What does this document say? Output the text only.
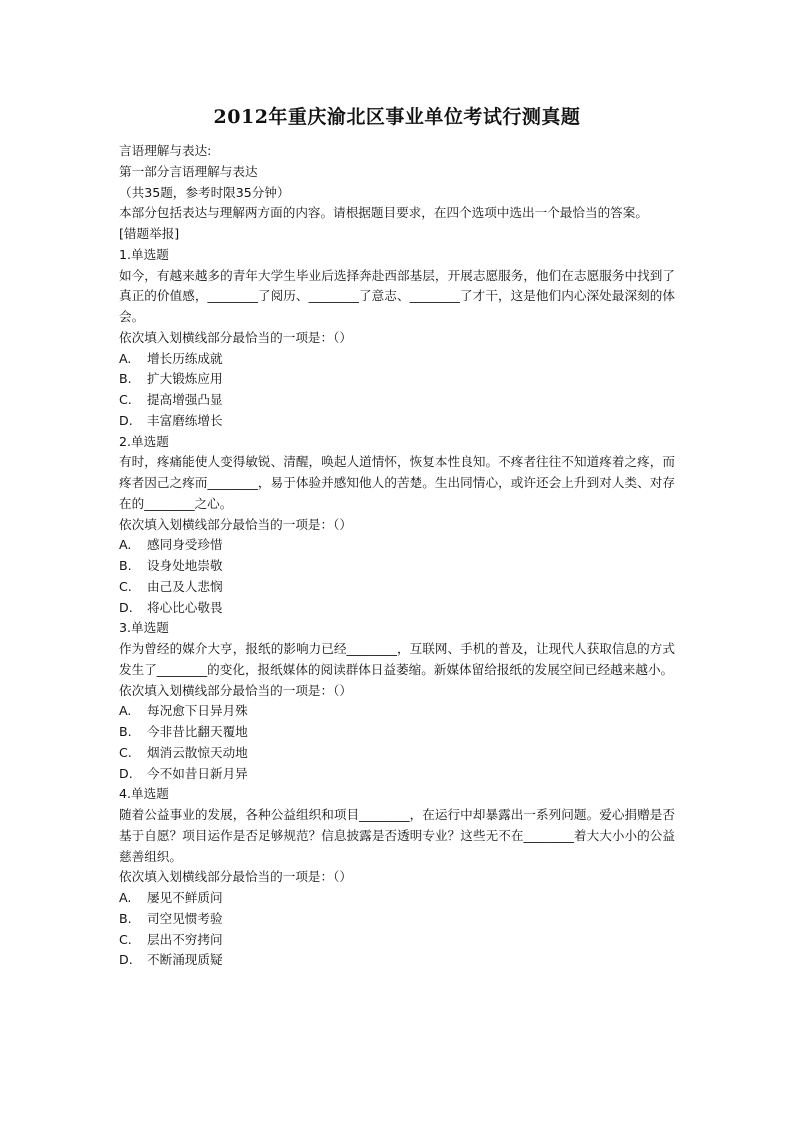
2012年重庆渝北区事业单位考试行测真题

言语理解与表达:

第一部分言语理解与表达

（共35题，参考时限35分钟）

本部分包括表达与理解两方面的内容。请根据题目要求，在四个选项中选出一个最恰当的答案。

[错题举报]

1.单选题

如今，有越来越多的青年大学生毕业后选择奔赴西部基层，开展志愿服务，他们在志愿服务中找到了真正的价值感，________了阅历、________了意志、________了才干，这是他们内心深处最深刻的体会。

依次填入划横线部分最恰当的一项是：（）

A.	增长历练成就
B.	扩大锻炼应用
C.	提高增强凸显
D.	丰富磨练增长

2.单选题

有时，疼痛能使人变得敏锐、清醒，唤起人道情怀，恢复本性良知。不疼者往往不知道疼着之疼，而疼者因己之疼而________，易于体验并感知他人的苦楚。生出同情心，或许还会上升到对人类、对存在的________之心。

依次填入划横线部分最恰当的一项是：（）

A.	感同身受珍惜
B.	设身处地崇敬
C.	由己及人悲悯
D.	将心比心敬畏

3.单选题

作为曾经的媒介大亨，报纸的影响力已经________，互联网、手机的普及，让现代人获取信息的方式发生了________的变化，报纸媒体的阅读群体日益萎缩。新媒体留给报纸的发展空间已经越来越小。

依次填入划横线部分最恰当的一项是：（）

A.	每况愈下日异月殊
B.	今非昔比翻天覆地
C.	烟消云散惊天动地
D.	今不如昔日新月异

4.单选题

随着公益事业的发展，各种公益组织和项目________，在运行中却暴露出一系列问题。爱心捐赠是否基于自愿？项目运作是否足够规范？信息披露是否透明专业？这些无不在________着大大小小的公益慈善组织。

依次填入划横线部分最恰当的一项是：（）

A.	屡见不鲜质问
B.	司空见惯考验
C.	层出不穷拷问
D.	不断涌现质疑
